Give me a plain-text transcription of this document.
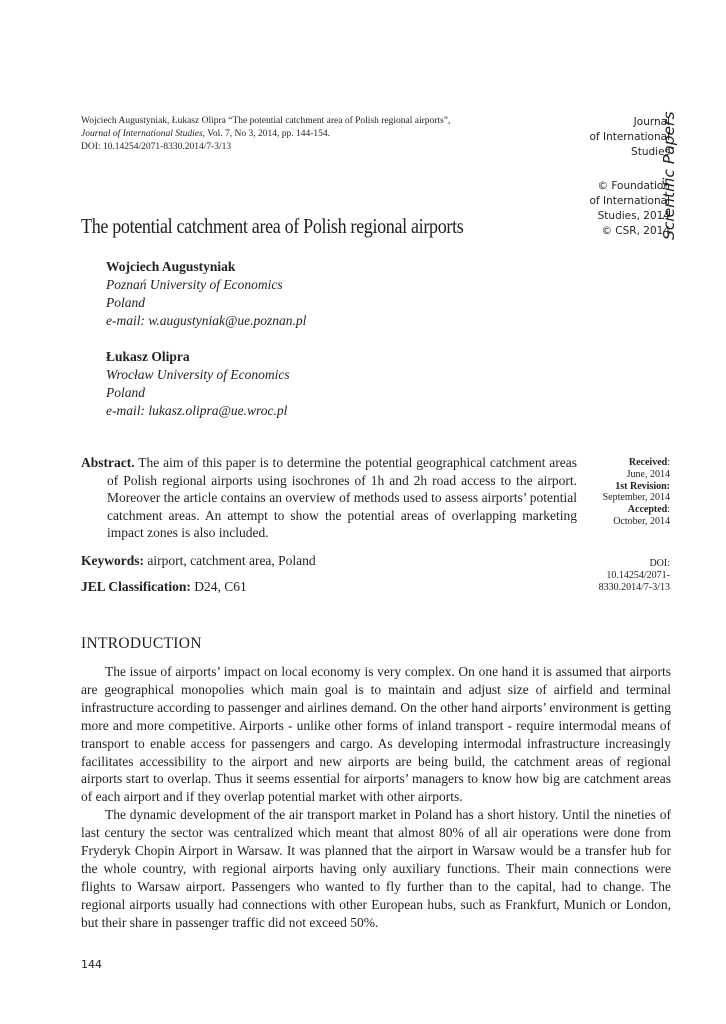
Wojciech Augustyniak, Łukasz Olipra “The potential catchment area of Polish regional airports”,
Journal of International Studies, Vol. 7, No 3, 2014, pp. 144-154.
DOI: 10.14254/2071-8330.2014/7-3/13
Journal
of International
Studies
© Foundation
of International
Studies, 2014
© CSR, 2014
Scientific Papers
The potential catchment area of Polish regional airports
Wojciech Augustyniak
Poznań University of Economics
Poland
e-mail: w.augustyniak@ue.poznan.pl
Łukasz Olipra
Wrocław University of Economics
Poland
e-mail: lukasz.olipra@ue.wroc.pl

Abstract. The aim of this paper is to determine the potential geographical catchment areas of Polish regional airports using isochrones of 1h and 2h road access to the airport. Moreover the article contains an overview of methods used to assess airports’ potential catchment areas. An attempt to show the potential areas of overlapping marketing impact zones is also included.

Received:
June, 2014
1st Revision:
September, 2014
Accepted:
October, 2014
DOI:
10.14254/2071-
8330.2014/7-3/13
Keywords: airport, catchment area, Poland
JEL Classification: D24, C61
INTRODUCTION

The issue of airports’ impact on local economy is very complex. On one hand it is assumed that airports are geographical monopolies which main goal is to maintain and adjust size of airfield and terminal infrastructure according to passenger and airlines demand. On the other hand airports’ environment is getting more and more competitive. Airports - unlike other forms of inland transport - require intermodal means of transport to enable access for passengers and cargo. As developing intermodal infrastructure increasingly facilitates accessibility to the airport and new airports are being build, the catchment areas of regional airports start to overlap. Thus it seems essential for airports’ managers to know how big are catchment areas of each airport and if they overlap potential market with other airports.

The dynamic development of the air transport market in Poland has a short history. Until the nineties of last century the sector was centralized which meant that almost 80% of all air operations were done from Fryderyk Chopin Airport in Warsaw. It was planned that the airport in Warsaw would be a transfer hub for the whole country, with regional airports having only auxiliary functions. Their main connections were flights to Warsaw airport. Passengers who wanted to fly further than to the capital, had to change. The regional airports usually had connections with other European hubs, such as Frankfurt, Munich or London, but their share in passenger traffic did not exceed 50%.

144
